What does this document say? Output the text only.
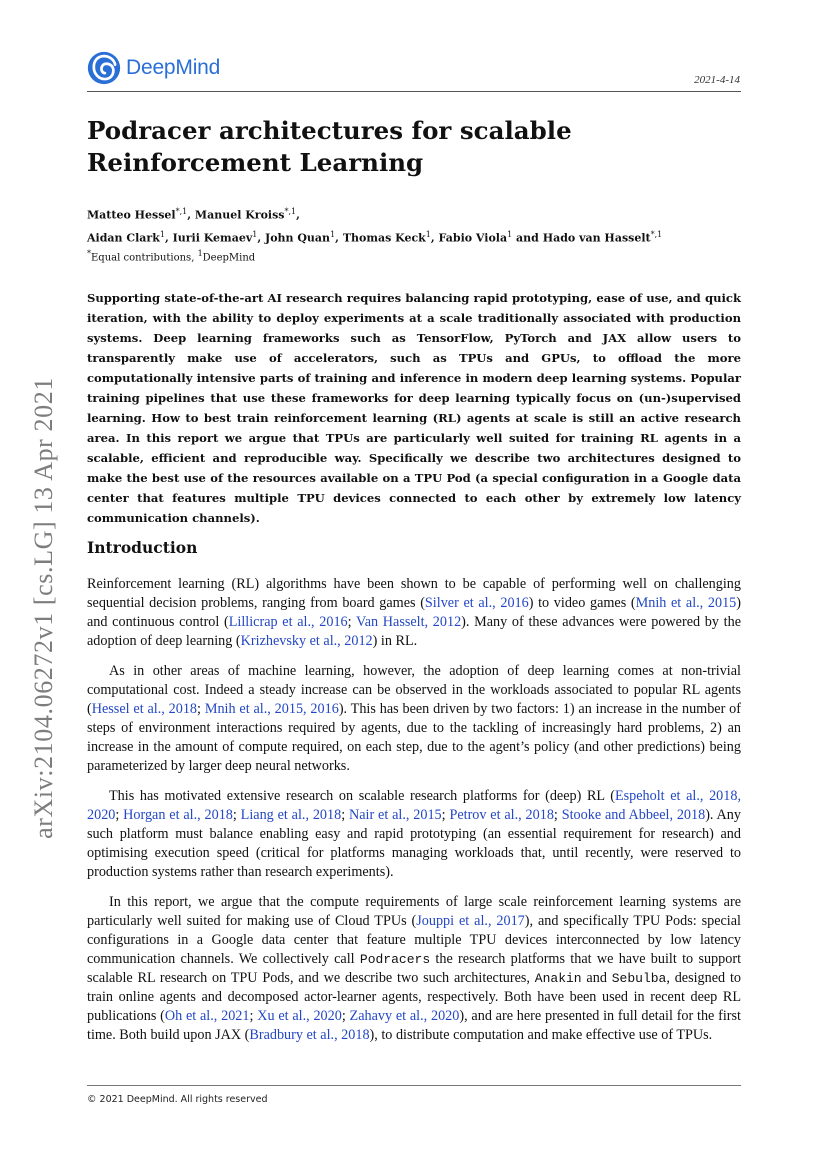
DeepMind
2021-4-14
arXiv:2104.06272v1 [cs.LG] 13 Apr 2021
Podracer architectures for scalable
Reinforcement Learning
Matteo Hessel$^{*,1}$, Manuel Kroiss$^{*,1}$,
Aidan Clark$^1$, Iurii Kemaev$^1$, John Quan$^1$, Thomas Keck$^1$, Fabio Viola$^1$ and Hado van Hasselt$^{*,1}$
*Equal contributions, $^1$DeepMind

Supporting state-of-the-art AI research requires balancing rapid prototyping, ease of use, and quick iteration, with the ability to deploy experiments at a scale traditionally associated with production systems. Deep learning frameworks such as TensorFlow, PyTorch and JAX allow users to transparently make use of accelerators, such as TPUs and GPUs, to offload the more computationally intensive parts of training and inference in modern deep learning systems. Popular training pipelines that use these frameworks for deep learning typically focus on (un-)supervised learning. How to best train reinforcement learning (RL) agents at scale is still an active research area. In this report we argue that TPUs are particularly well suited for training RL agents in a scalable, efficient and reproducible way. Specifically we describe two architectures designed to make the best use of the resources available on a TPU Pod (a special configuration in a Google data center that features multiple TPU devices connected to each other by extremely low latency communication channels).

Introduction

Reinforcement learning (RL) algorithms have been shown to be capable of performing well on challenging sequential decision problems, ranging from board games (Silver et al., 2016) to video games (Mnih et al., 2015) and continuous control (Lillicrap et al., 2016; Van Hasselt, 2012). Many of these advances were powered by the adoption of deep learning (Krizhevsky et al., 2012) in RL.

As in other areas of machine learning, however, the adoption of deep learning comes at non-trivial computational cost. Indeed a steady increase can be observed in the workloads associated to popular RL agents (Hessel et al., 2018; Mnih et al., 2015, 2016). This has been driven by two factors: 1) an increase in the number of steps of environment interactions required by agents, due to the tackling of increasingly hard problems, 2) an increase in the amount of compute required, on each step, due to the agent’s policy (and other predictions) being parameterized by larger deep neural networks.

This has motivated extensive research on scalable research platforms for (deep) RL (Espeholt et al., 2018, 2020; Horgan et al., 2018; Liang et al., 2018; Nair et al., 2015; Petrov et al., 2018; Stooke and Abbeel, 2018). Any such platform must balance enabling easy and rapid prototyping (an essential requirement for research) and optimising execution speed (critical for platforms managing workloads that, until recently, were reserved to production systems rather than research experiments).

In this report, we argue that the compute requirements of large scale reinforcement learning systems are particularly well suited for making use of Cloud TPUs (Jouppi et al., 2017), and specifically TPU Pods: special configurations in a Google data center that feature multiple TPU devices interconnected by low latency communication channels. We collectively call Podracers the research platforms that we have built to support scalable RL research on TPU Pods, and we describe two such architectures, Anakin and Sebulba, designed to train online agents and decomposed actor-learner agents, respectively. Both have been used in recent deep RL publications (Oh et al., 2021; Xu et al., 2020; Zahavy et al., 2020), and are here presented in full detail for the first time. Both build upon JAX (Bradbury et al., 2018), to distribute computation and make effective use of TPUs.

© 2021 DeepMind. All rights reserved
